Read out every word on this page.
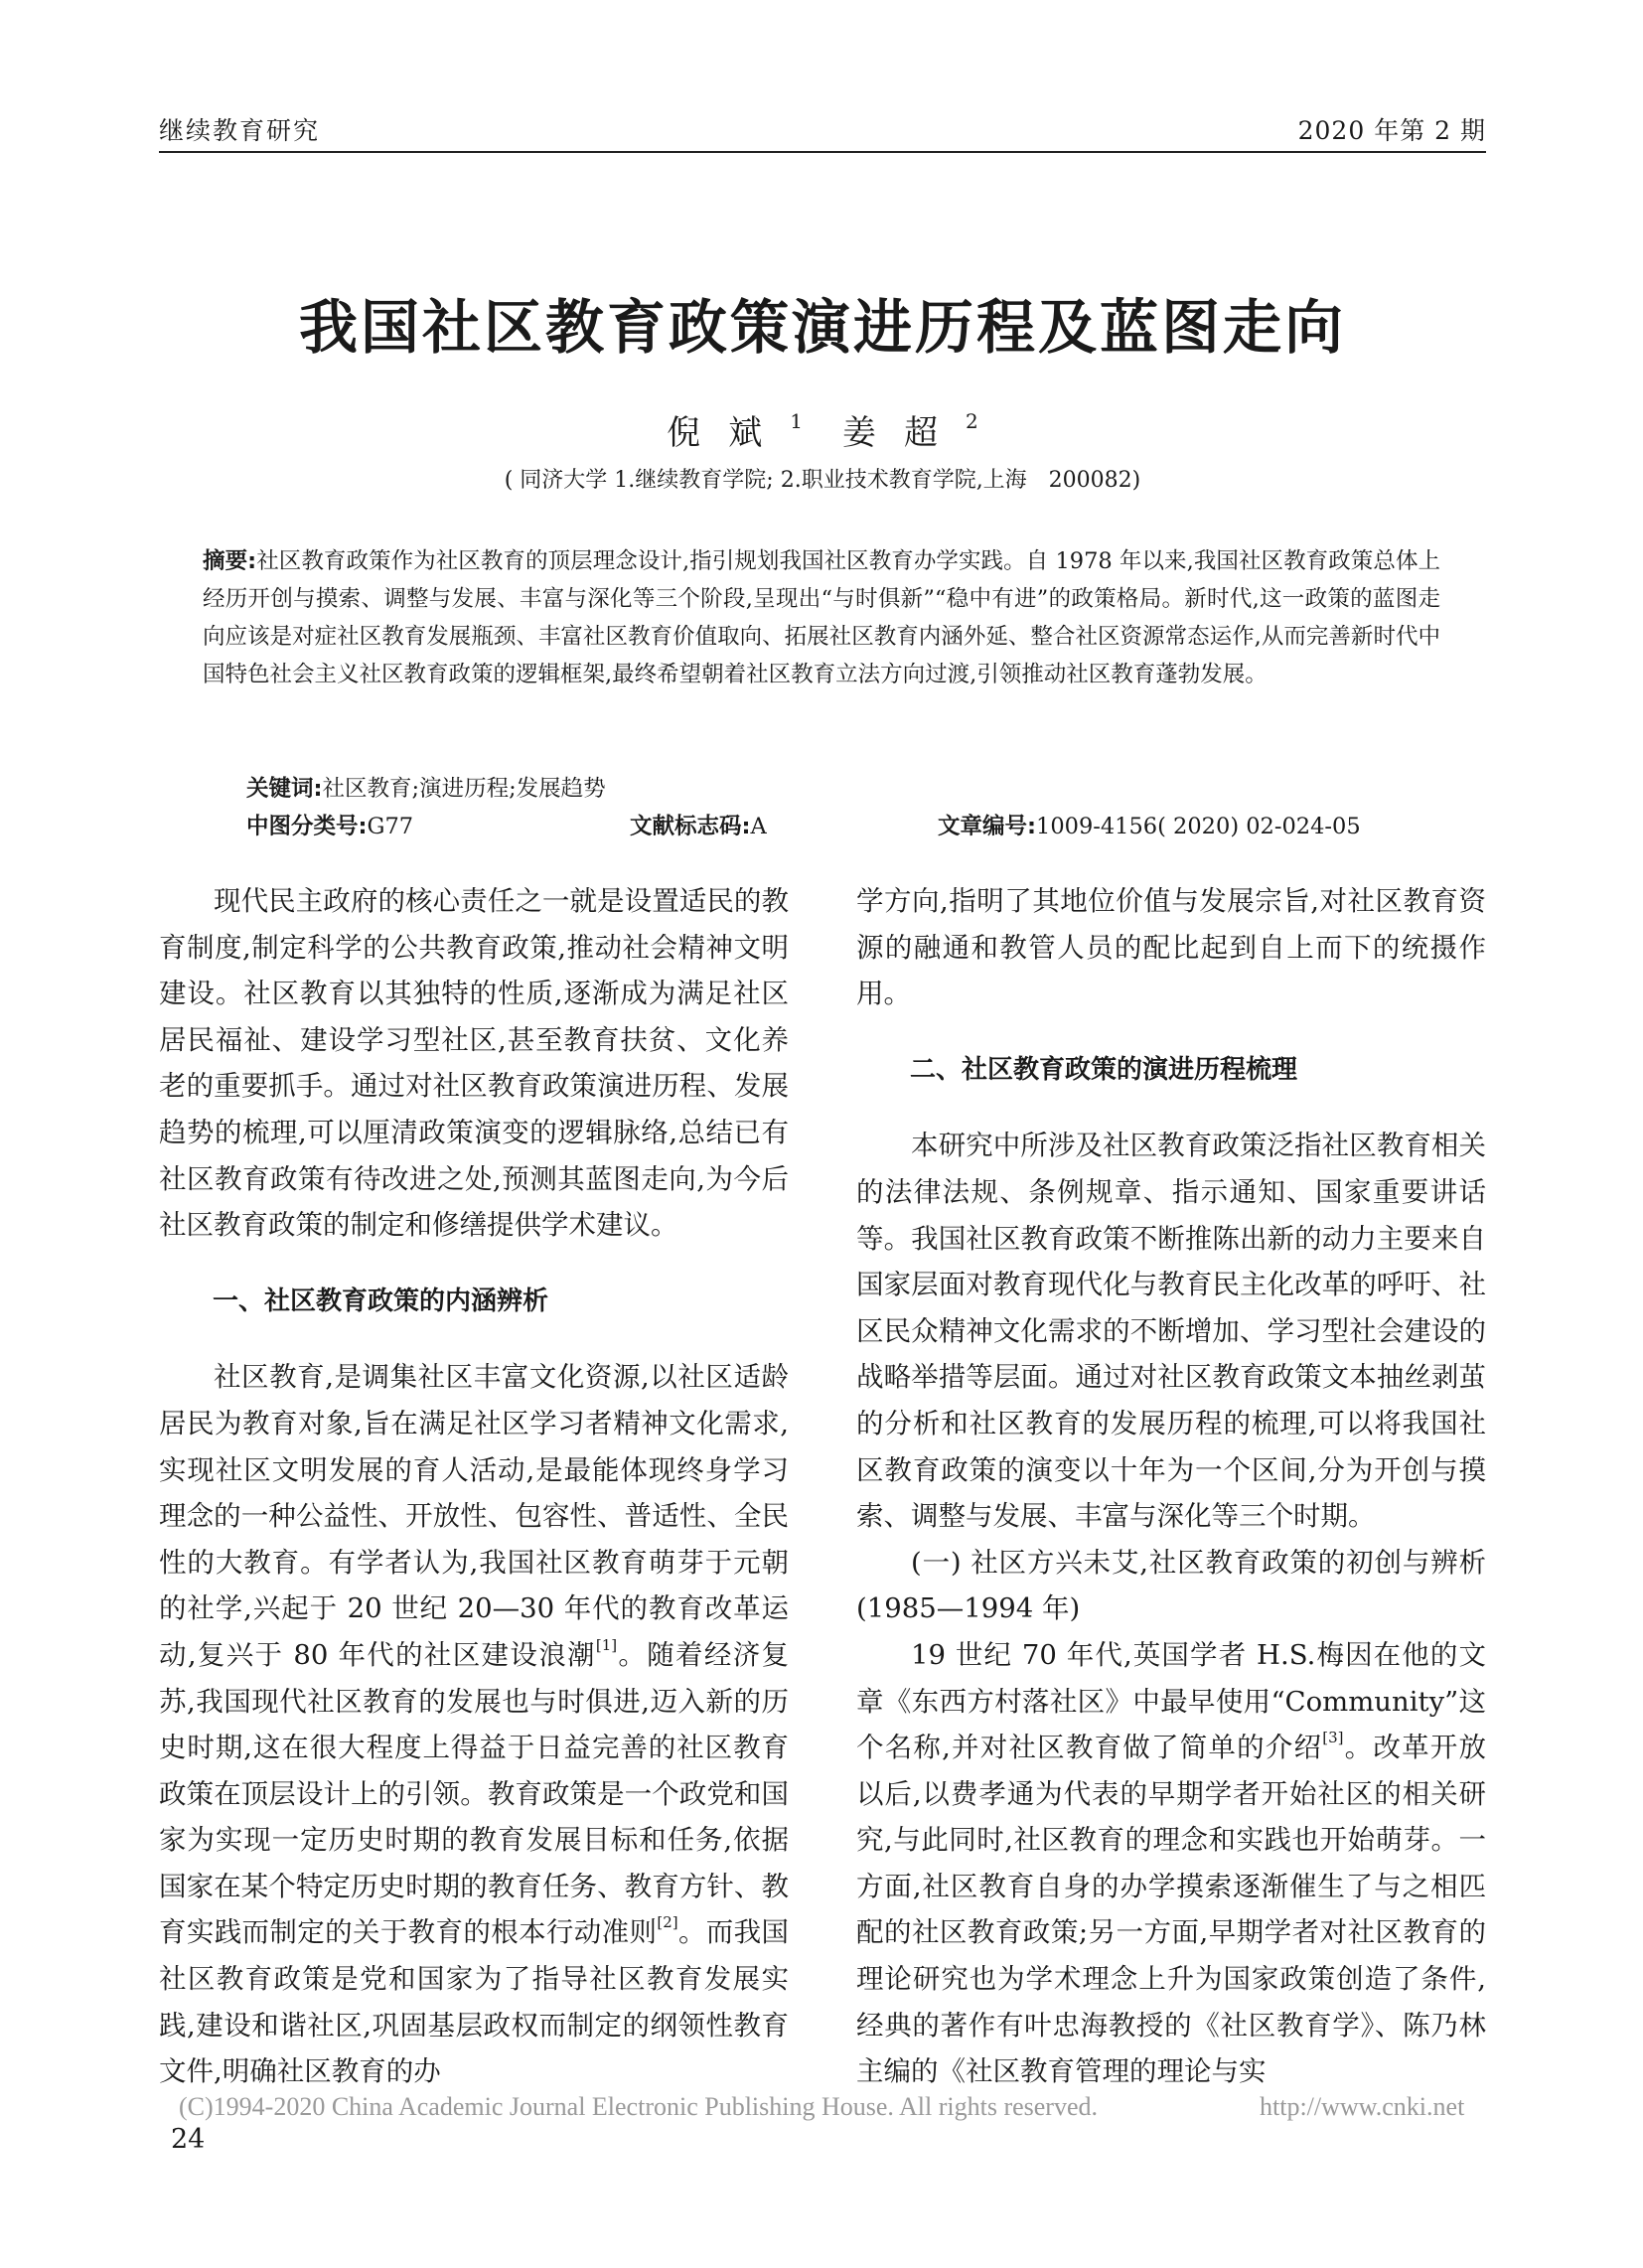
继续教育研究	2020 年第 2 期
我国社区教育政策演进历程及蓝图走向
倪斌$^1$ 姜超$^2$
( 同济大学 1.继续教育学院; 2.职业技术教育学院,上海　200082)
摘要:社区教育政策作为社区教育的顶层理念设计,指引规划我国社区教育办学实践。自 1978 年以来,我国社区教育政策总体上经历开创与摸索、调整与发展、丰富与深化等三个阶段,呈现出“与时俱新”“稳中有进”的政策格局。新时代,这一政策的蓝图走向应该是对症社区教育发展瓶颈、丰富社区教育价值取向、拓展社区教育内涵外延、整合社区资源常态运作,从而完善新时代中国特色社会主义社区教育政策的逻辑框架,最终希望朝着社区教育立法方向过渡,引领推动社区教育蓬勃发展。
关键词:社区教育;演进历程;发展趋势
中图分类号:G77	文献标志码:A	文章编号:1009-4156( 2020) 02-024-05

现代民主政府的核心责任之一就是设置适民的教育制度,制定科学的公共教育政策,推动社会精神文明建设。社区教育以其独特的性质,逐渐成为满足社区居民福祉、建设学习型社区,甚至教育扶贫、文化养老的重要抓手。通过对社区教育政策演进历程、发展趋势的梳理,可以厘清政策演变的逻辑脉络,总结已有社区教育政策有待改进之处,预测其蓝图走向,为今后社区教育政策的制定和修缮提供学术建议。

一、社区教育政策的内涵辨析

社区教育,是调集社区丰富文化资源,以社区适龄居民为教育对象,旨在满足社区学习者精神文化需求,实现社区文明发展的育人活动,是最能体现终身学习理念的一种公益性、开放性、包容性、普适性、全民性的大教育。有学者认为,我国社区教育萌芽于元朝的社学,兴起于 20 世纪 20—30 年代的教育改革运动,复兴于 80 年代的社区建设浪潮[1]。随着经济复苏,我国现代社区教育的发展也与时俱进,迈入新的历史时期,这在很大程度上得益于日益完善的社区教育政策在顶层设计上的引领。教育政策是一个政党和国家为实现一定历史时期的教育发展目标和任务,依据国家在某个特定历史时期的教育任务、教育方针、教育实践而制定的关于教育的根本行动准则[2]。而我国社区教育政策是党和国家为了指导社区教育发展实践,建设和谐社区,巩固基层政权而制定的纲领性教育文件,明确社区教育的办

学方向,指明了其地位价值与发展宗旨,对社区教育资源的融通和教管人员的配比起到自上而下的统摄作用。

二、社区教育政策的演进历程梳理

本研究中所涉及社区教育政策泛指社区教育相关的法律法规、条例规章、指示通知、国家重要讲话等。我国社区教育政策不断推陈出新的动力主要来自国家层面对教育现代化与教育民主化改革的呼吁、社区民众精神文化需求的不断增加、学习型社会建设的战略举措等层面。通过对社区教育政策文本抽丝剥茧的分析和社区教育的发展历程的梳理,可以将我国社区教育政策的演变以十年为一个区间,分为开创与摸索、调整与发展、丰富与深化等三个时期。

(一) 社区方兴未艾,社区教育政策的初创与辨析(1985—1994 年)

19 世纪 70 年代,英国学者 H.S.梅因在他的文章《东西方村落社区》中最早使用“Community”这个名称,并对社区教育做了简单的介绍[3]。改革开放以后,以费孝通为代表的早期学者开始社区的相关研究,与此同时,社区教育的理念和实践也开始萌芽。一方面,社区教育自身的办学摸索逐渐催生了与之相匹配的社区教育政策;另一方面,早期学者对社区教育的理论研究也为学术理念上升为国家政策创造了条件,经典的著作有叶忠海教授的《社区教育学》、陈乃林主编的《社区教育管理的理论与实

(C)1994-2020 China Academic Journal Electronic Publishing House. All rights reserved.	http://www.cnki.net
24
